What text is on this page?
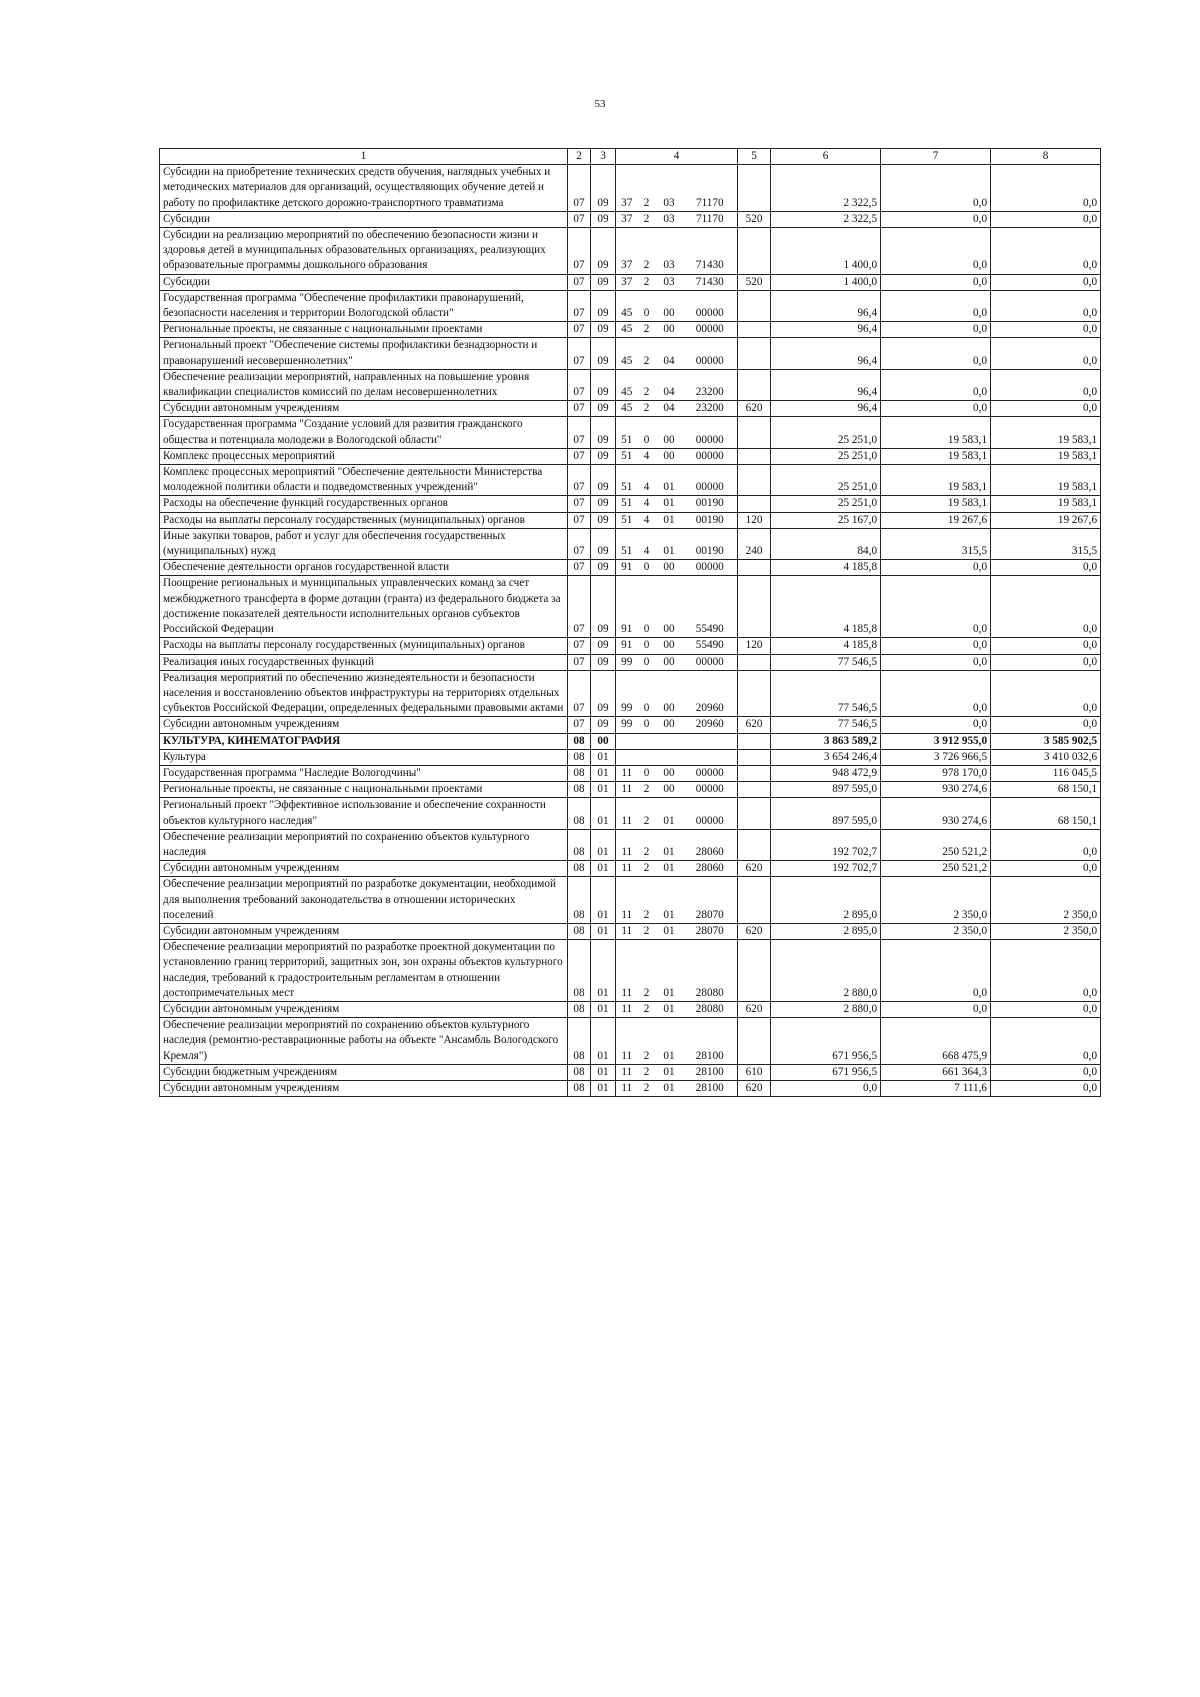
53
1	2	3	4				5	6	7	8
Субсидии на приобретение технических средств обучения, наглядных учебных и методических материалов для организаций, осуществляющих обучение детей и работу по профилактике детского дорожно-транспортного травматизма	07	09	37	2	03	71170		2 322,5	0,0	0,0
Субсидии	07	09	37	2	03	71170	520	2 322,5	0,0	0,0
Субсидии на реализацию мероприятий по обеспечению безопасности жизни и здоровья детей в муниципальных образовательных организациях, реализующих образовательные программы дошкольного образования	07	09	37	2	03	71430		1 400,0	0,0	0,0
Субсидии	07	09	37	2	03	71430	520	1 400,0	0,0	0,0
Государственная программа "Обеспечение профилактики правонарушений, безопасности населения и территории Вологодской области"	07	09	45	0	00	00000		96,4	0,0	0,0
Региональные проекты, не связанные с национальными проектами	07	09	45	2	00	00000		96,4	0,0	0,0
Региональный проект "Обеспечение системы профилактики безнадзорности и правонарушений несовершеннолетних"	07	09	45	2	04	00000		96,4	0,0	0,0
Обеспечение реализации мероприятий, направленных на повышение уровня квалификации специалистов комиссий по делам несовершеннолетних	07	09	45	2	04	23200		96,4	0,0	0,0
Субсидии автономным учреждениям	07	09	45	2	04	23200	620	96,4	0,0	0,0
Государственная программа "Создание условий для развития гражданского общества и потенциала молодежи в Вологодской области"	07	09	51	0	00	00000		25 251,0	19 583,1	19 583,1
Комплекс процессных мероприятий	07	09	51	4	00	00000		25 251,0	19 583,1	19 583,1
Комплекс процессных мероприятий "Обеспечение деятельности Министерства молодежной политики области и подведомственных учреждений"	07	09	51	4	01	00000		25 251,0	19 583,1	19 583,1
Расходы на обеспечение функций государственных органов	07	09	51	4	01	00190		25 251,0	19 583,1	19 583,1
Расходы на выплаты персоналу государственных (муниципальных) органов	07	09	51	4	01	00190	120	25 167,0	19 267,6	19 267,6
Иные закупки товаров, работ и услуг для обеспечения государственных (муниципальных) нужд	07	09	51	4	01	00190	240	84,0	315,5	315,5
Обеспечение деятельности органов государственной власти	07	09	91	0	00	00000		4 185,8	0,0	0,0
Поощрение региональных и муниципальных управленческих команд за счет межбюджетного трансферта в форме дотации (гранта) из федерального бюджета за достижение показателей деятельности исполнительных органов субъектов Российской Федерации	07	09	91	0	00	55490		4 185,8	0,0	0,0
Расходы на выплаты персоналу государственных (муниципальных) органов	07	09	91	0	00	55490	120	4 185,8	0,0	0,0
Реализация иных государственных функций	07	09	99	0	00	00000		77 546,5	0,0	0,0
Реализация мероприятий по обеспечению жизнедеятельности и безопасности населения и восстановлению объектов инфраструктуры на территориях отдельных субъектов Российской Федерации, определенных федеральными правовыми актами	07	09	99	0	00	20960		77 546,5	0,0	0,0
Субсидии автономным учреждениям	07	09	99	0	00	20960	620	77 546,5	0,0	0,0
КУЛЬТУРА, КИНЕМАТОГРАФИЯ	08	00						3 863 589,2	3 912 955,0	3 585 902,5
Культура	08	01						3 654 246,4	3 726 966,5	3 410 032,6
Государственная программа "Наследие Вологодчины"	08	01	11	0	00	00000		948 472,9	978 170,0	116 045,5
Региональные проекты, не связанные с национальными проектами	08	01	11	2	00	00000		897 595,0	930 274,6	68 150,1
Региональный проект "Эффективное использование и обеспечение сохранности объектов культурного наследия"	08	01	11	2	01	00000		897 595,0	930 274,6	68 150,1
Обеспечение реализации мероприятий по сохранению объектов культурного наследия	08	01	11	2	01	28060		192 702,7	250 521,2	0,0
Субсидии автономным учреждениям	08	01	11	2	01	28060	620	192 702,7	250 521,2	0,0
Обеспечение реализации мероприятий по разработке документации, необходимой для выполнения требований законодательства в отношении исторических поселений	08	01	11	2	01	28070		2 895,0	2 350,0	2 350,0
Субсидии автономным учреждениям	08	01	11	2	01	28070	620	2 895,0	2 350,0	2 350,0
Обеспечение реализации мероприятий по разработке проектной документации по установлению границ территорий, защитных зон, зон охраны объектов культурного наследия, требований к градостроительным регламентам в отношении достопримечательных мест	08	01	11	2	01	28080		2 880,0	0,0	0,0
Субсидии автономным учреждениям	08	01	11	2	01	28080	620	2 880,0	0,0	0,0
Обеспечение реализации мероприятий по сохранению объектов культурного наследия (ремонтно-реставрационные работы на объекте "Ансамбль Вологодского Кремля")	08	01	11	2	01	28100		671 956,5	668 475,9	0,0
Субсидии бюджетным учреждениям	08	01	11	2	01	28100	610	671 956,5	661 364,3	0,0
Субсидии автономным учреждениям	08	01	11	2	01	28100	620	0,0	7 111,6	0,0
